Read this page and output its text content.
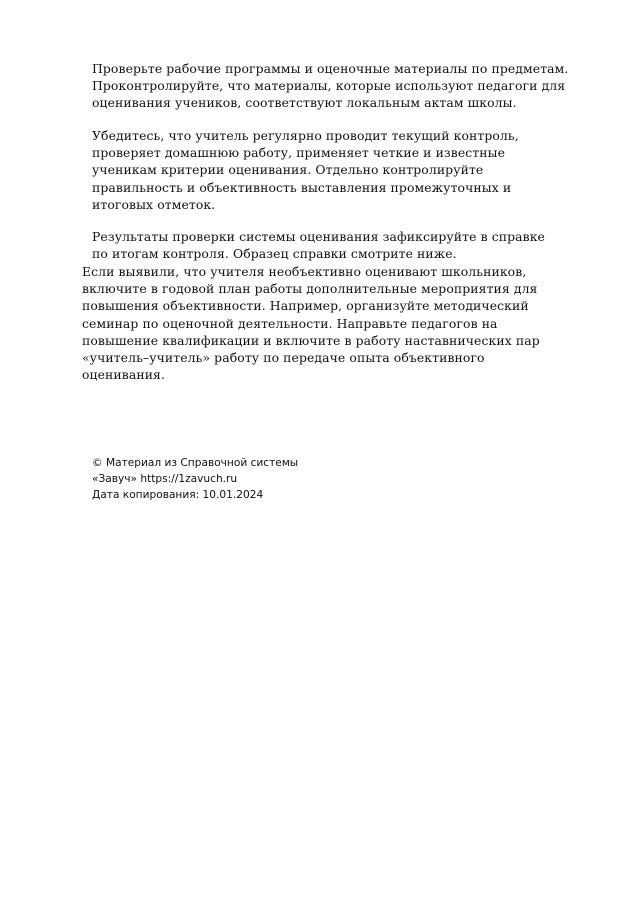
Проверьте рабочие программы и оценочные материалы по предметам.
Проконтролируйте, что материалы, которые используют педагоги для
оценивания учеников, соответствуют локальным актам школы.
Убедитесь, что учитель регулярно проводит текущий контроль,
проверяет домашнюю работу, применяет четкие и известные
ученикам критерии оценивания. Отдельно контролируйте
правильность и объективность выставления промежуточных и
итоговых отметок.
Результаты проверки системы оценивания зафиксируйте в справке
по итогам контроля. Образец справки смотрите ниже.
Если выявили, что учителя необъективно оценивают школьников,
включите в годовой план работы дополнительные мероприятия для
повышения объективности. Например, организуйте методический
семинар по оценочной деятельности. Направьте педагогов на
повышение квалификации и включите в работу наставнических пар
«учитель–учитель» работу по передаче опыта объективного
оценивания.
© Материал из Справочной системы
«Завуч» https://1zavuch.ru
Дата копирования: 10.01.2024
